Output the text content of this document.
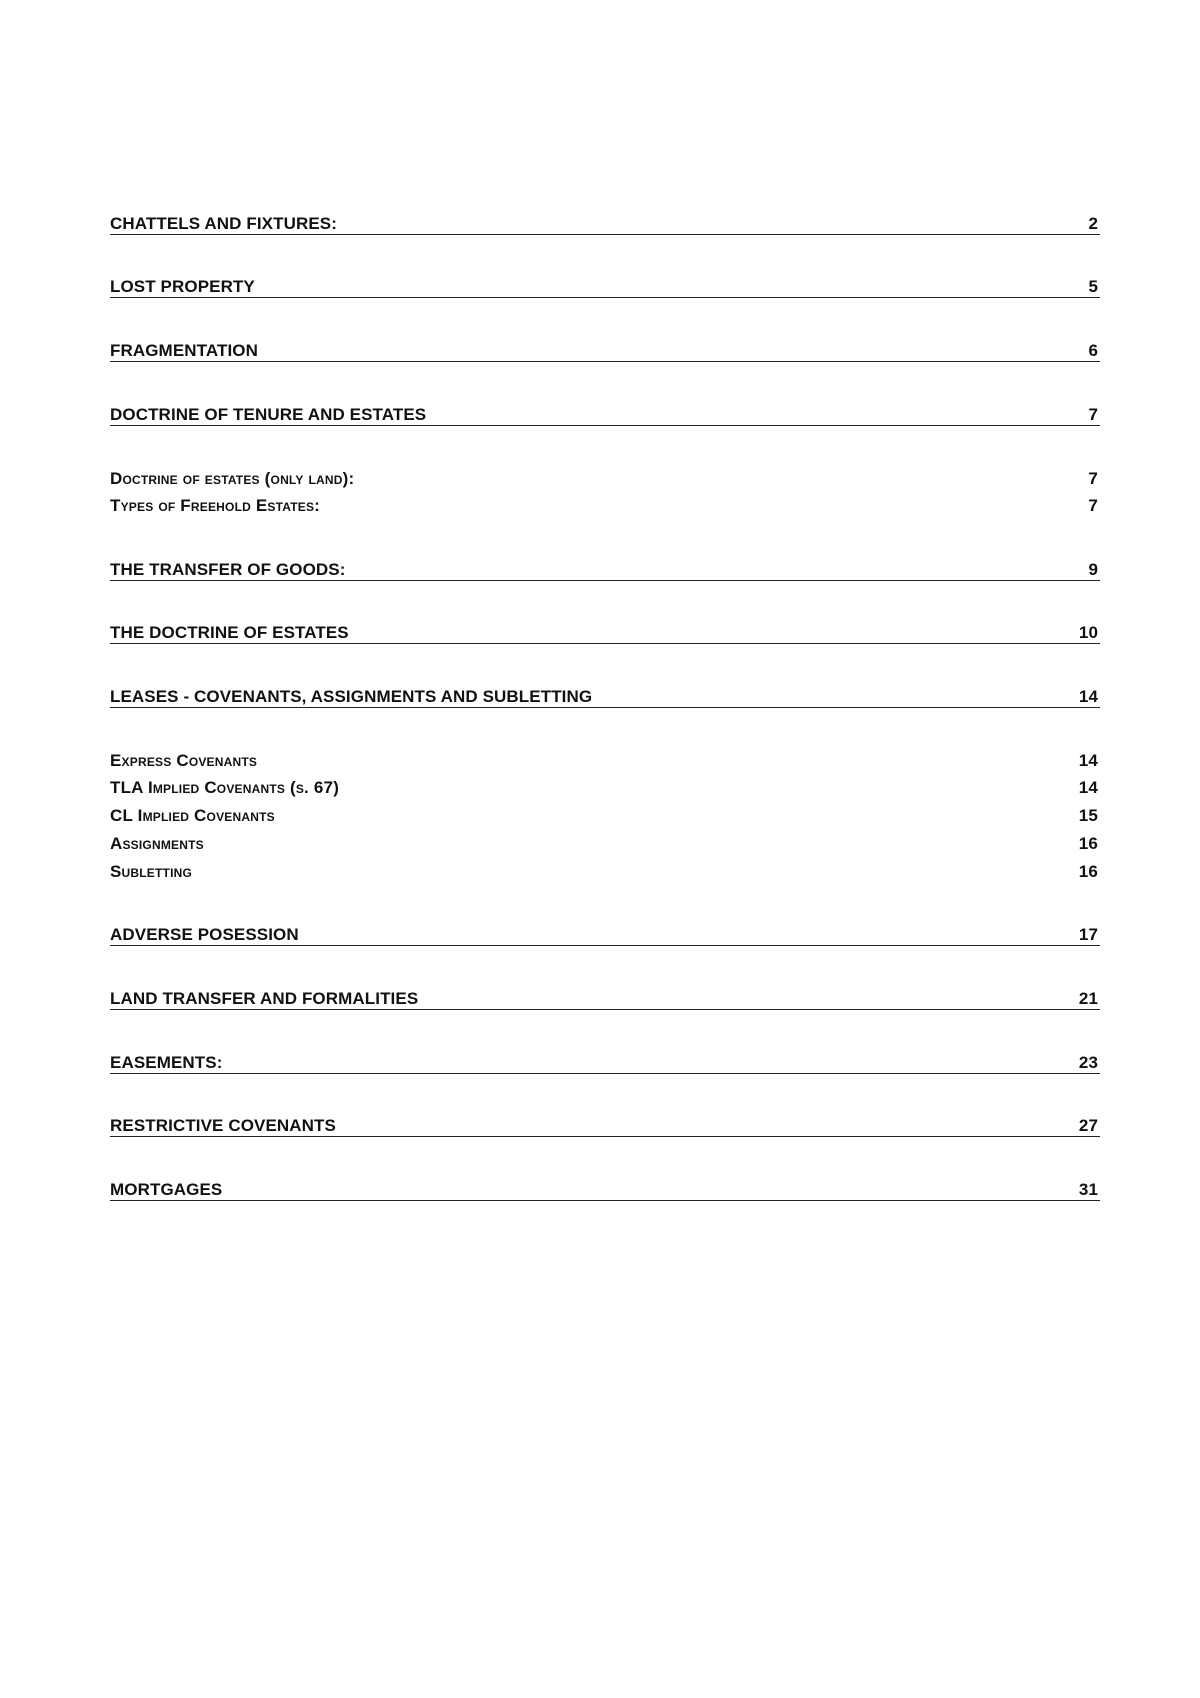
CHATTELS AND FIXTURES:	2
LOST PROPERTY	5
FRAGMENTATION	6
DOCTRINE OF TENURE AND ESTATES	7
Doctrine of estates (only land):	7
Types of Freehold Estates:	7
THE TRANSFER OF GOODS:	9
THE DOCTRINE OF ESTATES	10
LEASES - COVENANTS, ASSIGNMENTS AND SUBLETTING	14
Express Covenants	14
TLA Implied Covenants (s. 67)	14
CL Implied Covenants	15
Assignments	16
Subletting	16
ADVERSE POSESSION	17
LAND TRANSFER AND FORMALITIES	21
EASEMENTS:	23
RESTRICTIVE COVENANTS	27
MORTGAGES	31
